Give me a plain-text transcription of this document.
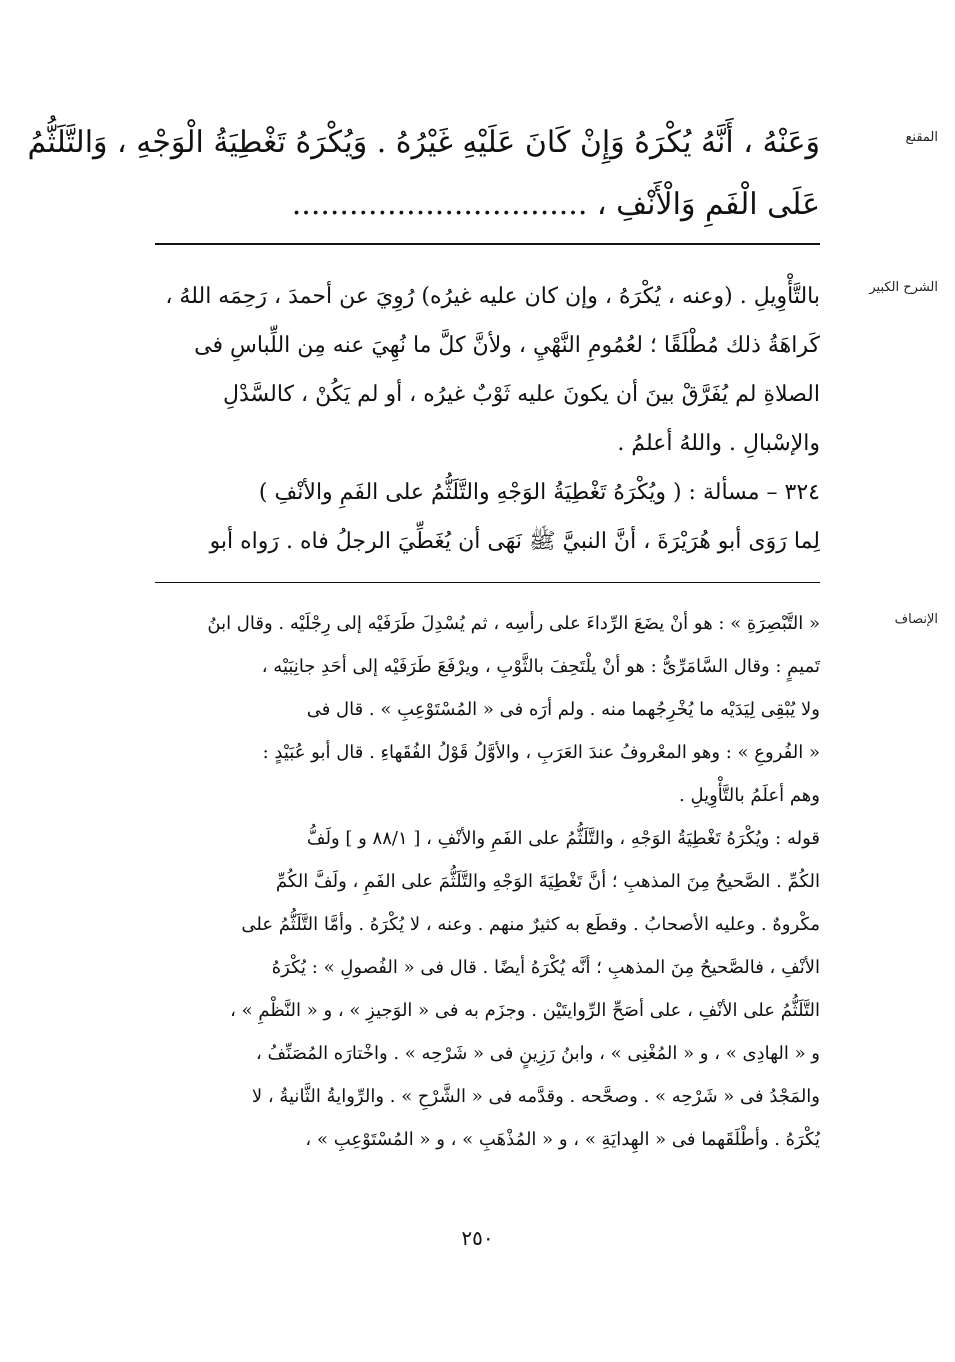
المقنع
وَعَنْهُ ، أَنَّهُ يُكْرَهُ وَإِنْ كَانَ عَلَيْهِ غَيْرُهُ . وَيُكْرَهُ تَغْطِيَةُ الْوَجْهِ ، وَالتَّلَثُّمُ
عَلَى الْفَمِ وَالْأَنْفِ ، ...............................
الشرح الكبير
بالتَّأْوِيلِ . (وعنه ، يُكْرَهُ ، وإن كان عليه غيرُه) رُوِيَ عن أحمدَ ، رَحِمَه اللهُ ،
كَراهَةُ ذلك مُطْلَقًا ؛ لعُمُومِ النَّهْيِ ، ولأنَّ كلَّ ما نُهِيَ عنه مِن اللِّباسِ فى
الصلاةِ لم يُفَرَّقْ بينَ أن يكونَ عليه ثَوْبٌ غيرُه ، أو لم يَكُنْ ، كالسَّدْلِ
والإسْبالِ . واللهُ أعلمُ .
٣٢٤ – مسألة : ( ويُكْرَهُ تَغْطِيَةُ الوَجْهِ والتَّلَثُّمُ على الفَمِ والأنْفِ )
لِما رَوَى أبو هُرَيْرَةَ ، أنَّ النبيَّ ﷺ نَهَى أن يُغَطِّيَ الرجلُ فاه . رَواه أبو
الإنصاف
« التَّبْصِرَةِ » : هو أنْ يضَعَ الرِّداءَ على رأسِه ، ثم يُسْدِلَ طَرَفَيْه إلى رِجْلَيْه . وقال ابنُ
تَميمٍ : وقال السَّامَرِّىُّ : هو أنْ يلْتَحِفَ بالثَّوْبِ ، ويرْفَعَ طَرَفَيْه إلى أحَدِ جانِبَيْه ،
ولا يُبْقِى لِيَدَيْه ما يُخْرِجُهما منه . ولم أرَه فى « المُسْتَوْعِبِ » . قال فى
« الفُروعِ » : وهو المعْروفُ عندَ العَرَبِ ، والأوَّلُ قَوْلُ الفُقَهاءِ . قال أبو عُبَيْدٍ :
وهم أعلَمُ بالتَّأْوِيلِ .
قوله : ويُكْرَهُ تَغْطِيَةُ الوَجْهِ ، والتَّلَثُّمُ على الفَمِ والأنْفِ ، [ ٨٨/١ و ] ولَفُّ
الكُمِّ . الصَّحيحُ مِنَ المذهبِ ؛ أنَّ تَغْطِيَةَ الوَجْهِ والتَّلَثُّمَ على الفَمِ ، ولَفَّ الكُمِّ
مكْروهٌ . وعليه الأصحابُ . وقطَع به كثيرٌ منهم . وعنه ، لا يُكْرَهُ . وأمَّا التَّلَثُّمُ على
الأنْفِ ، فالصَّحيحُ مِنَ المذهبِ ؛ أنَّه يُكْرَهُ أيضًا . قال فى « الفُصولِ » : يُكْرَهُ
التَّلَثُّمُ على الأنْفِ ، على أصَحِّ الرِّوايتَيْن . وجزَم به فى « الوَجيزِ » ، و « النَّظْمِ » ،
و « الهادِى » ، و « المُغْنِى » ، وابنُ رَزِينٍ فى « شَرْحِه » . واخْتارَه المُصَنِّفُ ،
والمَجْدُ فى « شَرْحِه » . وصحَّحه . وقدَّمه فى « الشَّرْحِ » . والرِّوايةُ الثَّانيةُ ، لا
يُكْرَهُ . وأطْلَقَهما فى « الهِدايَةِ » ، و « المُذْهَبِ » ، و « المُسْتَوْعِبِ » ،
٢٥٠
